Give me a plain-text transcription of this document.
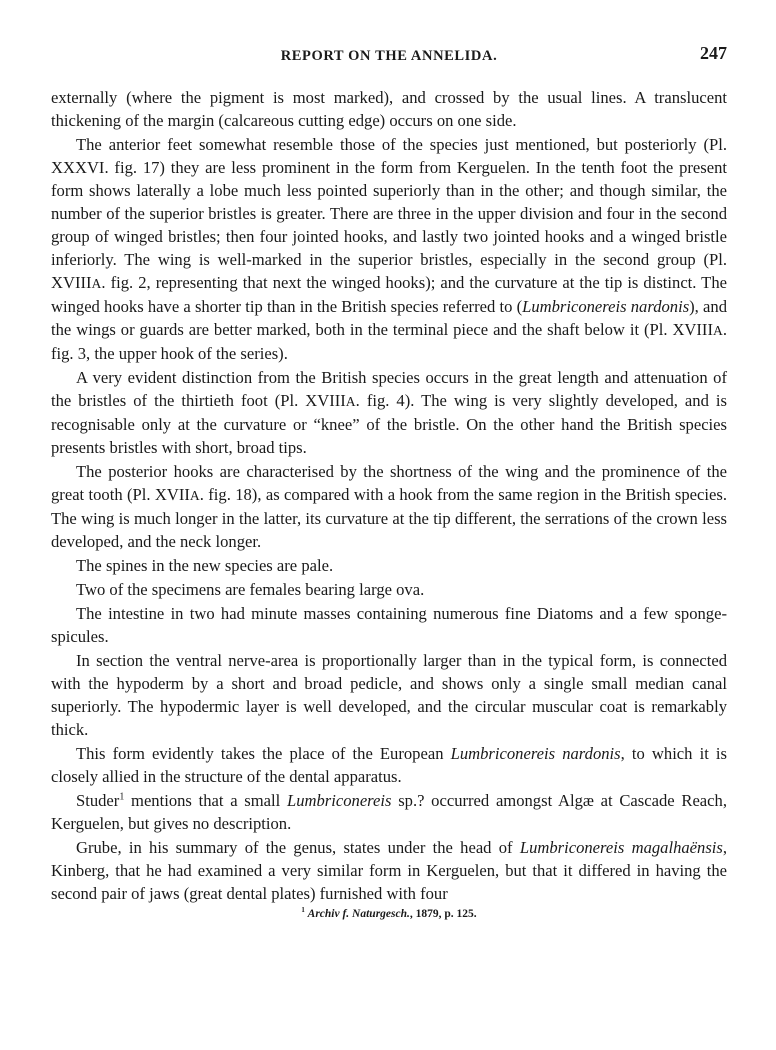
REPORT ON THE ANNELIDA.	247

externally (where the pigment is most marked), and crossed by the usual lines. A translucent thickening of the margin (calcareous cutting edge) occurs on one side.

The anterior feet somewhat resemble those of the species just mentioned, but posteriorly (Pl. XXXVI. fig. 17) they are less prominent in the form from Kerguelen. In the tenth foot the present form shows laterally a lobe much less pointed superiorly than in the other; and though similar, the number of the superior bristles is greater. There are three in the upper division and four in the second group of winged bristles; then four jointed hooks, and lastly two jointed hooks and a winged bristle inferiorly. The wing is well-marked in the superior bristles, especially in the second group (Pl. XVIIIA. fig. 2, representing that next the winged hooks); and the curvature at the tip is distinct. The winged hooks have a shorter tip than in the British species referred to (Lumbriconereis nardonis), and the wings or guards are better marked, both in the terminal piece and the shaft below it (Pl. XVIIIA. fig. 3, the upper hook of the series).

A very evident distinction from the British species occurs in the great length and attenuation of the bristles of the thirtieth foot (Pl. XVIIIA. fig. 4). The wing is very slightly developed, and is recognisable only at the curvature or “knee” of the bristle. On the other hand the British species presents bristles with short, broad tips.

The posterior hooks are characterised by the shortness of the wing and the prominence of the great tooth (Pl. XVIIA. fig. 18), as compared with a hook from the same region in the British species. The wing is much longer in the latter, its curvature at the tip different, the serrations of the crown less developed, and the neck longer.

The spines in the new species are pale.

Two of the specimens are females bearing large ova.

The intestine in two had minute masses containing numerous fine Diatoms and a few sponge-spicules.

In section the ventral nerve-area is proportionally larger than in the typical form, is connected with the hypoderm by a short and broad pedicle, and shows only a single small median canal superiorly. The hypodermic layer is well developed, and the circular muscular coat is remarkably thick.

This form evidently takes the place of the European Lumbriconereis nardonis, to which it is closely allied in the structure of the dental apparatus.

Studer$^1$ mentions that a small Lumbriconereis sp.? occurred amongst Algæ at Cascade Reach, Kerguelen, but gives no description.

Grube, in his summary of the genus, states under the head of Lumbriconereis magalhaënsis, Kinberg, that he had examined a very similar form in Kerguelen, but that it differed in having the second pair of jaws (great dental plates) furnished with four

$^1$ Archiv f. Naturgesch., 1879, p. 125.
